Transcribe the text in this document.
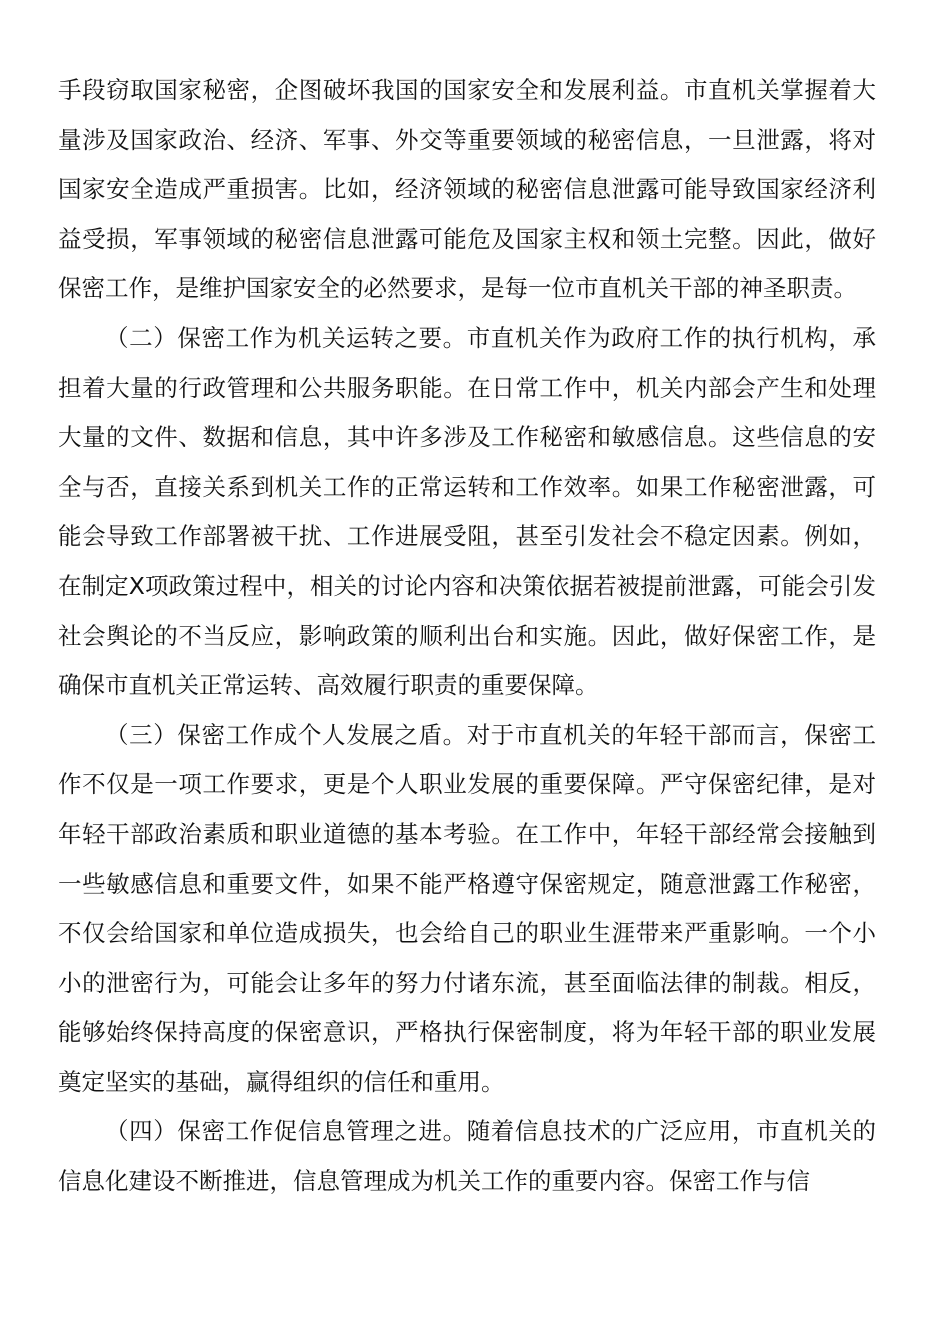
手段窃取国家秘密，企图破坏我国的国家安全和发展利益。市直机关掌握着大量涉及国家政治、经济、军事、外交等重要领域的秘密信息，一旦泄露，将对国家安全造成严重损害。比如，经济领域的秘密信息泄露可能导致国家经济利益受损，军事领域的秘密信息泄露可能危及国家主权和领土完整。因此，做好保密工作，是维护国家安全的必然要求，是每一位市直机关干部的神圣职责。

（二）保密工作为机关运转之要。市直机关作为政府工作的执行机构，承担着大量的行政管理和公共服务职能。在日常工作中，机关内部会产生和处理大量的文件、数据和信息，其中许多涉及工作秘密和敏感信息。这些信息的安全与否，直接关系到机关工作的正常运转和工作效率。如果工作秘密泄露，可能会导致工作部署被干扰、工作进展受阻，甚至引发社会不稳定因素。例如，在制定X项政策过程中，相关的讨论内容和决策依据若被提前泄露，可能会引发社会舆论的不当反应，影响政策的顺利出台和实施。因此，做好保密工作，是确保市直机关正常运转、高效履行职责的重要保障。

（三）保密工作成个人发展之盾。对于市直机关的年轻干部而言，保密工作不仅是一项工作要求，更是个人职业发展的重要保障。严守保密纪律，是对年轻干部政治素质和职业道德的基本考验。在工作中，年轻干部经常会接触到一些敏感信息和重要文件，如果不能严格遵守保密规定，随意泄露工作秘密，不仅会给国家和单位造成损失，也会给自己的职业生涯带来严重影响。一个小小的泄密行为，可能会让多年的努力付诸东流，甚至面临法律的制裁。相反，能够始终保持高度的保密意识，严格执行保密制度，将为年轻干部的职业发展奠定坚实的基础，赢得组织的信任和重用。

（四）保密工作促信息管理之进。随着信息技术的广泛应用，市直机关的信息化建设不断推进，信息管理成为机关工作的重要内容。保密工作与信
